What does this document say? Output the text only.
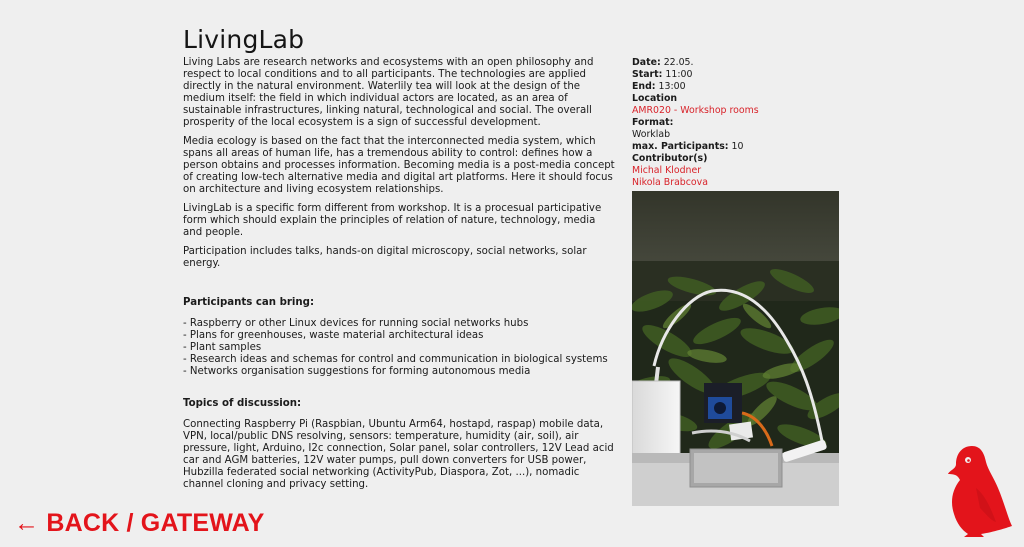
LivingLab

Living Labs are research networks and ecosystems with an open philosophy and respect to local conditions and to all participants. The technologies are applied directly in the natural environment. Waterlily tea will look at the design of the medium itself: the field in which individual actors are located, as an area of sustainable infrastructures, linking natural, technological and social. The overall prosperity of the local ecosystem is a sign of successful development.

Media ecology is based on the fact that the interconnected media system, which spans all areas of human life, has a tremendous ability to control: defines how a person obtains and processes information. Becoming media is a post-media concept of creating low-tech alternative media and digital art platforms. Here it should focus on architecture and living ecosystem relationships.

LivingLab is a specific form different from workshop. It is a procesual participative form which should explain the principles of relation of nature, technology, media and people.

Participation includes talks, hands-on digital microscopy, social networks, solar energy.

Participants can bring:
- Raspberry or other Linux devices for running social networks hubs
- Plans for greenhouses, waste material architectural ideas
- Plant samples
- Research ideas and schemas for control and communication in biological systems
- Networks organisation suggestions for forming autonomous media
Topics of discussion:

Connecting Raspberry Pi (Raspbian, Ubuntu Arm64, hostapd, raspap) mobile data, VPN, local/public DNS resolving, sensors: temperature, humidity (air, soil), air pressure, light, Arduino, I2c connection, Solar panel, solar controllers, 12V Lead acid car and AGM batteries, 12V water pumps, pull down converters for USB power, Hubzilla federated social networking (ActivityPub, Diaspora, Zot, ...), nomadic channel cloning and privacy setting.

Date: 22.05.
Start: 11:00
End: 13:00
Location
AMR020 - Workshop rooms
Format:
Worklab
max. Participants: 10
Contributor(s)
Michal Klodner
Nikola Brabcova
← BACK / GATEWAY
